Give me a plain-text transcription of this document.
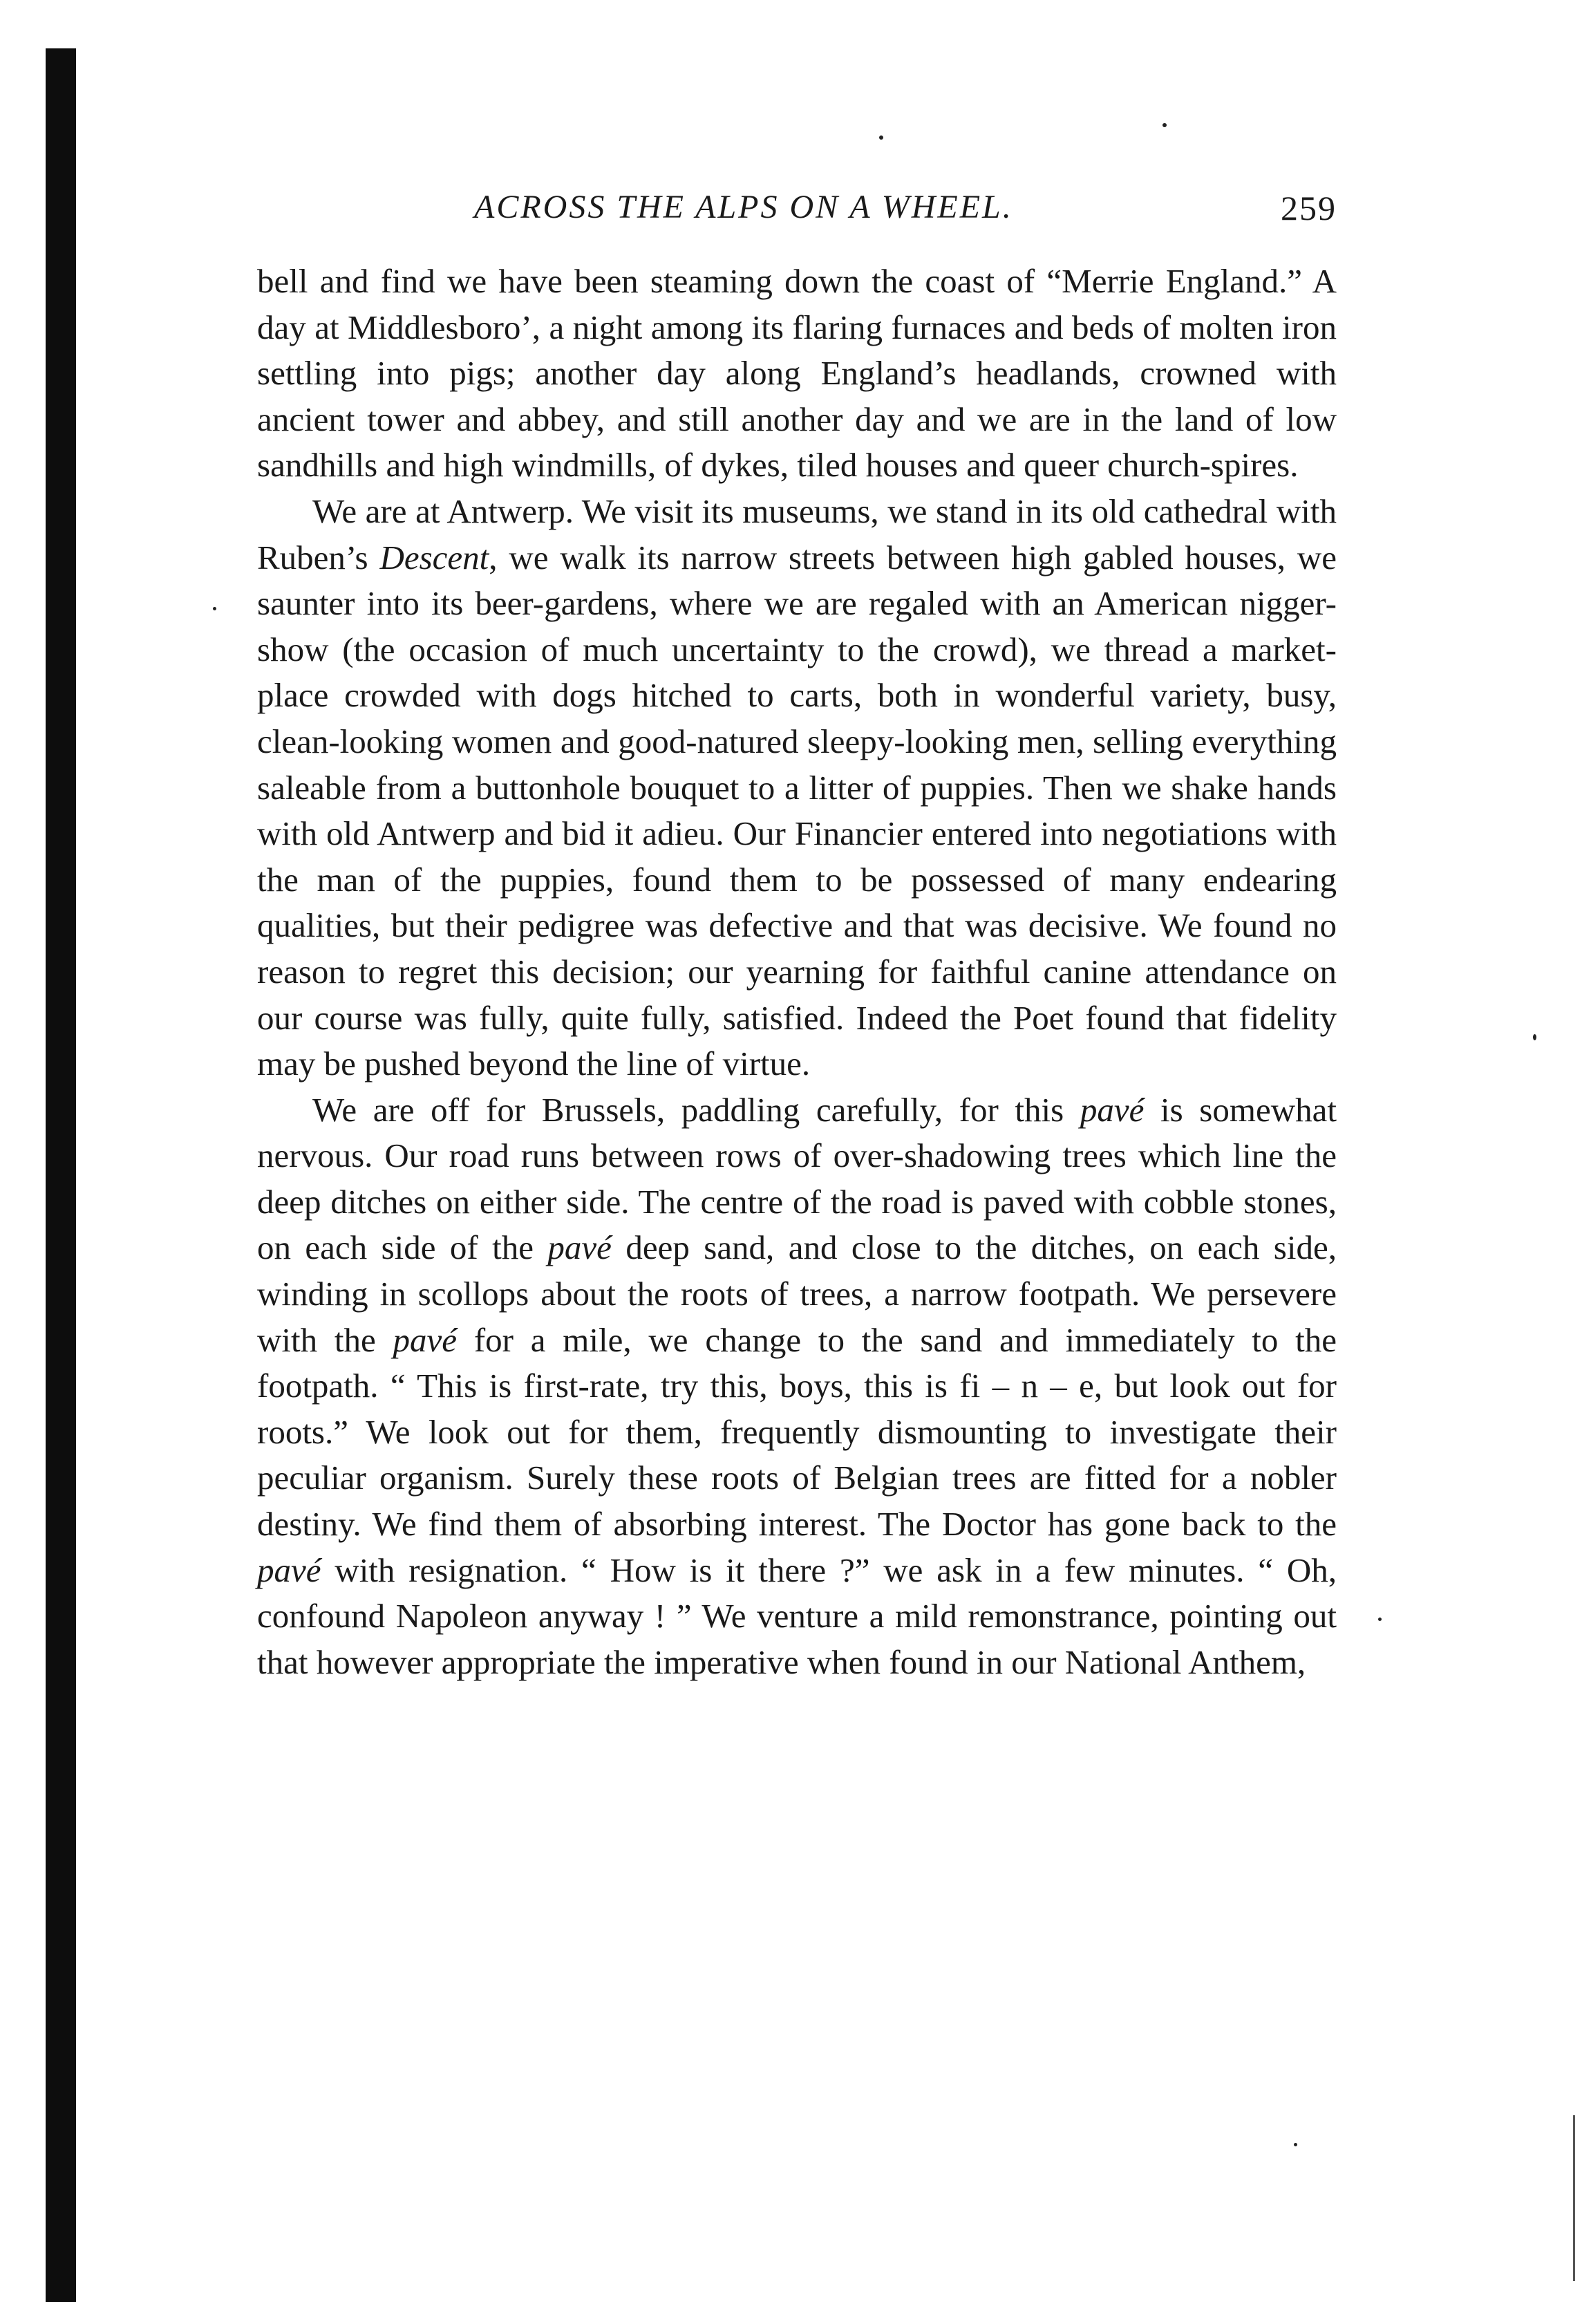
ACROSS THE ALPS ON A WHEEL.	259

bell and find we have been steaming down the coast of “Merrie England.” A day at Middlesboro’, a night among its flaring furnaces and beds of molten iron settling into pigs; another day along England’s headlands, crowned with ancient tower and abbey, and still another day and we are in the land of low sandhills and high windmills, of dykes, tiled houses and queer church-spires.

We are at Antwerp. We visit its museums, we stand in its old cathedral with Ruben’s Descent, we walk its narrow streets between high gabled houses, we saunter into its beer-gardens, where we are regaled with an American nigger-show (the occasion of much uncertainty to the crowd), we thread a market-place crowded with dogs hitched to carts, both in wonderful variety, busy, clean-looking women and good-natured sleepy-looking men, selling everything saleable from a buttonhole bouquet to a litter of puppies. Then we shake hands with old Antwerp and bid it adieu. Our Financier entered into negotiations with the man of the puppies, found them to be possessed of many endearing qualities, but their pedigree was defective and that was decisive. We found no reason to regret this decision; our yearning for faithful canine attendance on our course was fully, quite fully, satisfied. Indeed the Poet found that fidelity may be pushed beyond the line of virtue.

We are off for Brussels, paddling carefully, for this pavé is somewhat nervous. Our road runs between rows of over-shadowing trees which line the deep ditches on either side. The centre of the road is paved with cobble stones, on each side of the pavé deep sand, and close to the ditches, on each side, winding in scollops about the roots of trees, a narrow footpath. We persevere with the pavé for a mile, we change to the sand and immediately to the footpath. “ This is first-rate, try this, boys, this is fi – n – e, but look out for roots.” We look out for them, frequently dismounting to investigate their peculiar organism. Surely these roots of Belgian trees are fitted for a nobler destiny. We find them of absorbing interest. The Doctor has gone back to the pavé with resignation. “ How is it there ?” we ask in a few minutes. “ Oh, confound Napoleon anyway ! ” We venture a mild remonstrance, pointing out that however appropriate the imperative when found in our National Anthem,
